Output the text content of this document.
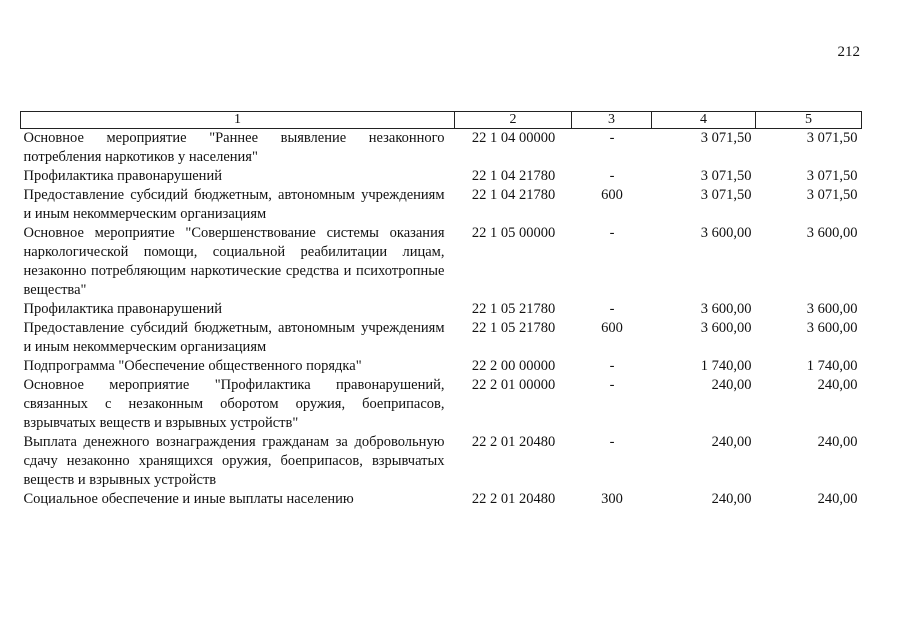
212
1	2	3	4	5
Основное мероприятие "Раннее выявление незаконного потребления наркотиков у населения"	22 1 04 00000	-	3 071,50	3 071,50
Профилактика правонарушений	22 1 04 21780	-	3 071,50	3 071,50
Предоставление субсидий бюджетным, автономным учреждениям и иным некоммерческим организациям	22 1 04 21780	600	3 071,50	3 071,50
Основное мероприятие "Совершенствование системы оказания наркологической помощи, социальной реабилитации лицам, незаконно потребляющим наркотические средства и психотропные вещества"	22 1 05 00000	-	3 600,00	3 600,00
Профилактика правонарушений	22 1 05 21780	-	3 600,00	3 600,00
Предоставление субсидий бюджетным, автономным учреждениям и иным некоммерческим организациям	22 1 05 21780	600	3 600,00	3 600,00
Подпрограмма "Обеспечение общественного порядка"	22 2 00 00000	-	1 740,00	1 740,00
Основное мероприятие "Профилактика правонарушений, связанных с незаконным оборотом оружия, боеприпасов, взрывчатых веществ и взрывных устройств"	22 2 01 00000	-	240,00	240,00
Выплата денежного вознаграждения гражданам за добровольную сдачу незаконно хранящихся оружия, боеприпасов, взрывчатых веществ и взрывных устройств	22 2 01 20480	-	240,00	240,00
Социальное обеспечение и иные выплаты населению	22 2 01 20480	300	240,00	240,00
